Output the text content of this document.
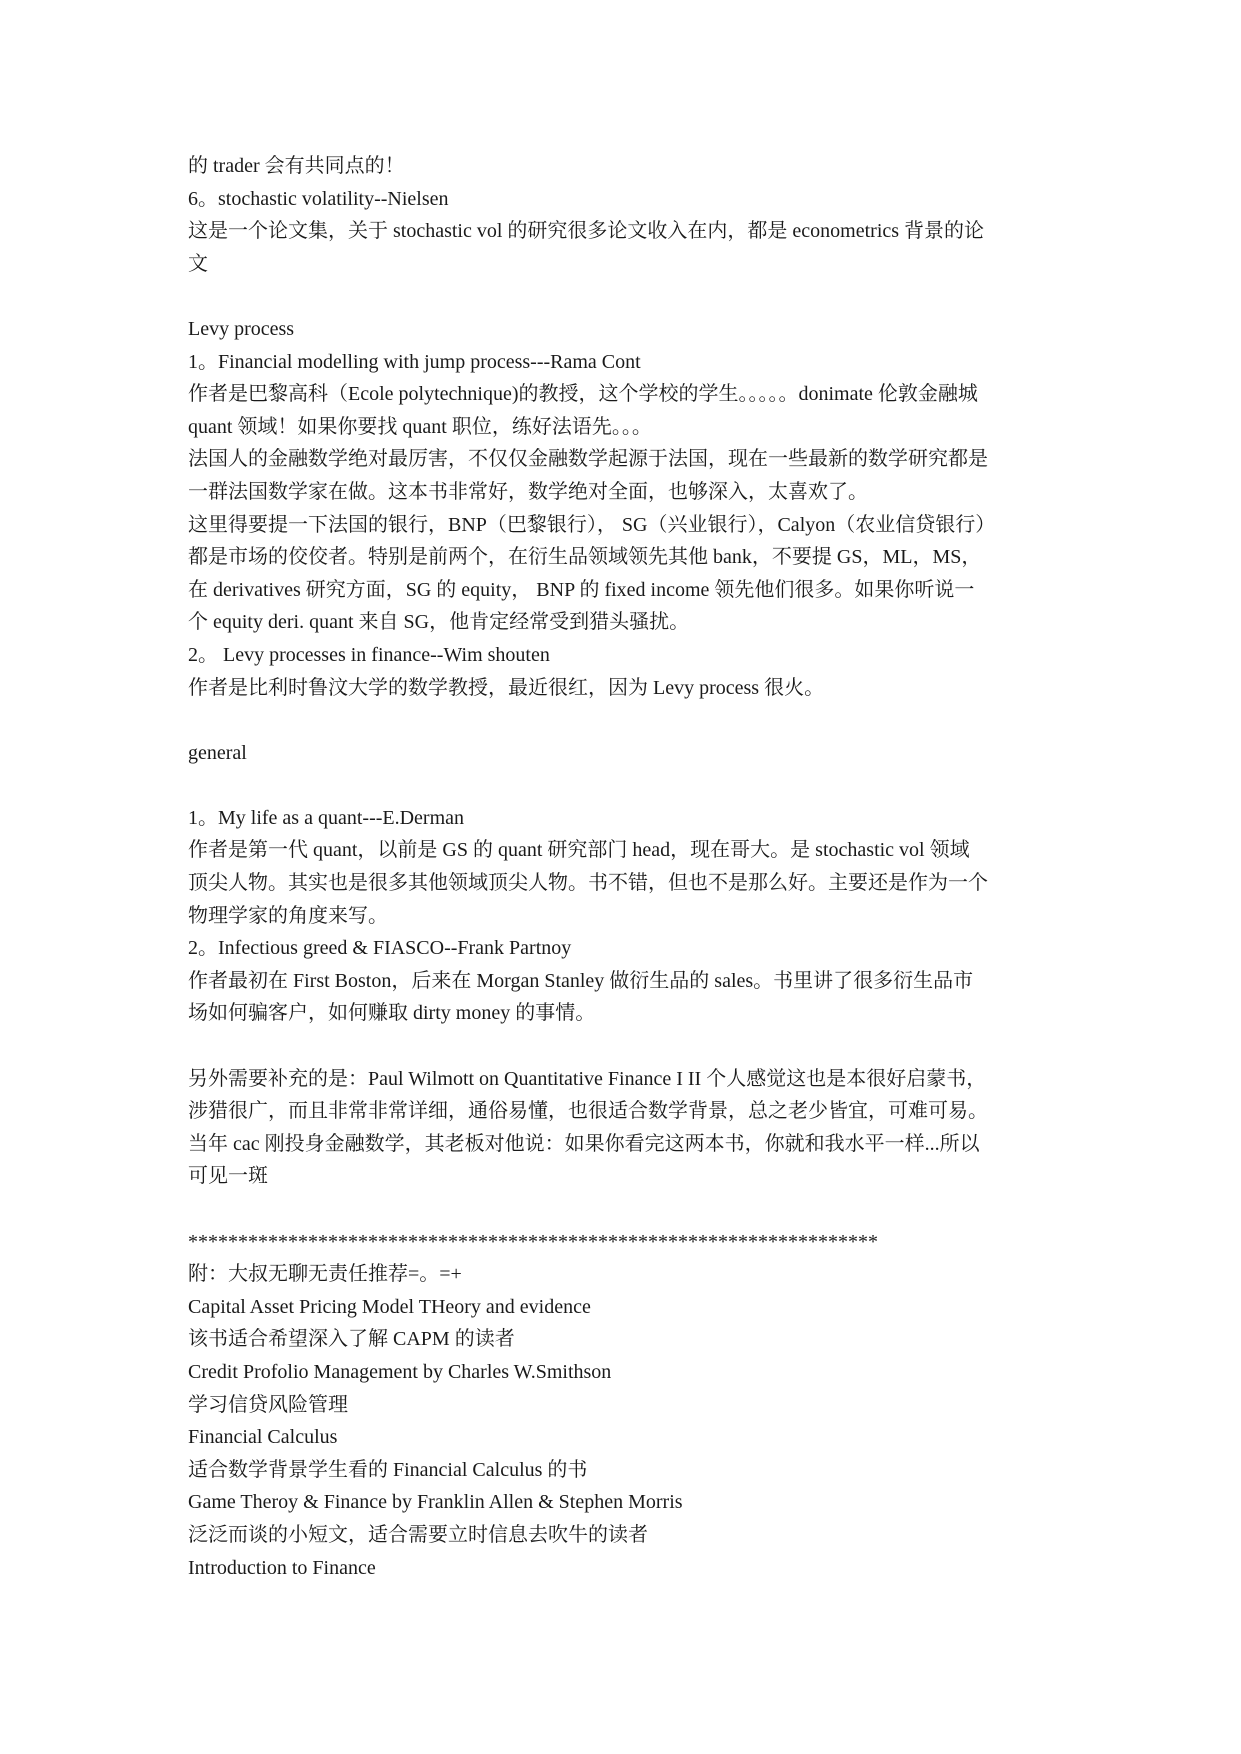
的 trader 会有共同点的！
6。stochastic volatility--Nielsen
这是一个论文集，关于 stochastic vol 的研究很多论文收入在内，都是 econometrics 背景的论
文
Levy process
1。Financial modelling with jump process---Rama Cont
作者是巴黎高科（Ecole polytechnique)的教授，这个学校的学生。。。。。donimate 伦敦金融城
quant 领域！如果你要找 quant 职位，练好法语先。。。
法国人的金融数学绝对最厉害，不仅仅金融数学起源于法国，现在一些最新的数学研究都是
一群法国数学家在做。这本书非常好，数学绝对全面，也够深入，太喜欢了。
这里得要提一下法国的银行，BNP（巴黎银行）， SG（兴业银行），Calyon（农业信贷银行）
都是市场的佼佼者。特别是前两个，在衍生品领域领先其他 bank，不要提 GS，ML，MS，
在 derivatives 研究方面，SG 的 equity， BNP 的 fixed income 领先他们很多。如果你听说一
个 equity deri. quant 来自 SG，他肯定经常受到猎头骚扰。
2。 Levy processes in finance--Wim shouten
作者是比利时鲁汶大学的数学教授，最近很红，因为 Levy process 很火。
general
1。My life as a quant---E.Derman
作者是第一代 quant，以前是 GS 的 quant 研究部门 head，现在哥大。是 stochastic vol 领域
顶尖人物。其实也是很多其他领域顶尖人物。书不错，但也不是那么好。主要还是作为一个
物理学家的角度来写。
2。Infectious greed & FIASCO--Frank Partnoy
作者最初在 First Boston，后来在 Morgan Stanley 做衍生品的 sales。书里讲了很多衍生品市
场如何骗客户，如何赚取 dirty money 的事情。
另外需要补充的是：Paul Wilmott on Quantitative Finance I II 个人感觉这也是本很好启蒙书，
涉猎很广，而且非常非常详细，通俗易懂，也很适合数学背景，总之老少皆宜，可难可易。
当年 cac 刚投身金融数学，其老板对他说：如果你看完这两本书，你就和我水平一样...所以
可见一斑
*********************************************************************
附：大叔无聊无责任推荐=。=+
Capital Asset Pricing Model THeory and evidence
该书适合希望深入了解 CAPM 的读者
Credit Profolio Management by Charles W.Smithson
学习信贷风险管理
Financial Calculus
适合数学背景学生看的 Financial Calculus 的书
Game Theroy & Finance by Franklin Allen & Stephen Morris
泛泛而谈的小短文，适合需要立时信息去吹牛的读者
Introduction to Finance
